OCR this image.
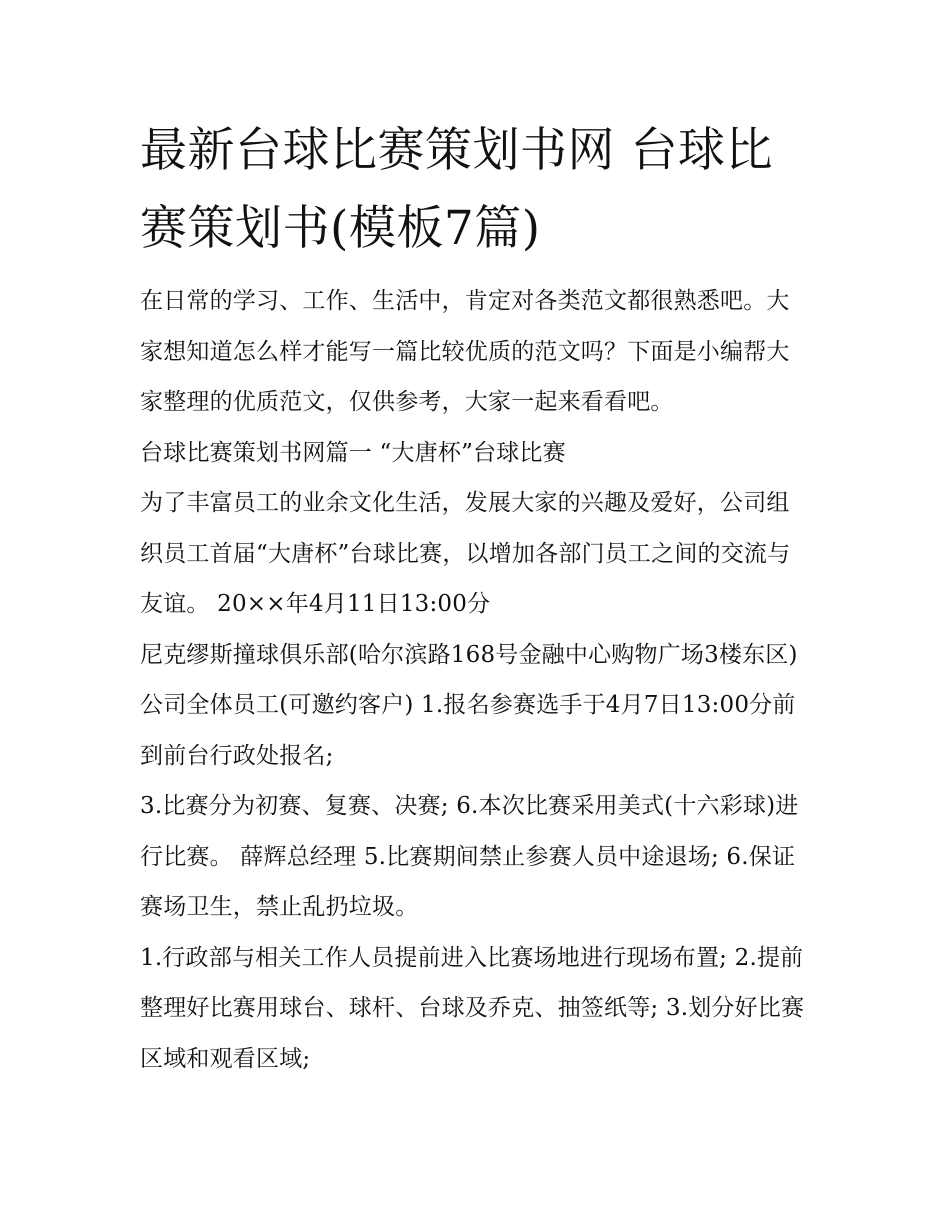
最新台球比赛策划书网 台球比赛策划书(模板7篇)

在日常的学习、工作、生活中，肯定对各类范文都很熟悉吧。大家想知道怎么样才能写一篇比较优质的范文吗？下面是小编帮大家整理的优质范文，仅供参考，大家一起来看看吧。

台球比赛策划书网篇一 “大唐杯”台球比赛

为了丰富员工的业余文化生活，发展大家的兴趣及爱好，公司组织员工首届“大唐杯”台球比赛，以增加各部门员工之间的交流与友谊。 20××年4月11日13:00分

尼克缪斯撞球俱乐部(哈尔滨路168号金融中心购物广场3楼东区) 公司全体员工(可邀约客户) 1.报名参赛选手于4月7日13:00分前到前台行政处报名;

3.比赛分为初赛、复赛、决赛; 6.本次比赛采用美式(十六彩球)进行比赛。 薛辉总经理 5.比赛期间禁止参赛人员中途退场; 6.保证赛场卫生，禁止乱扔垃圾。

1.行政部与相关工作人员提前进入比赛场地进行现场布置; 2.提前整理好比赛用球台、球杆、台球及乔克、抽签纸等; 3.划分好比赛区域和观看区域;
